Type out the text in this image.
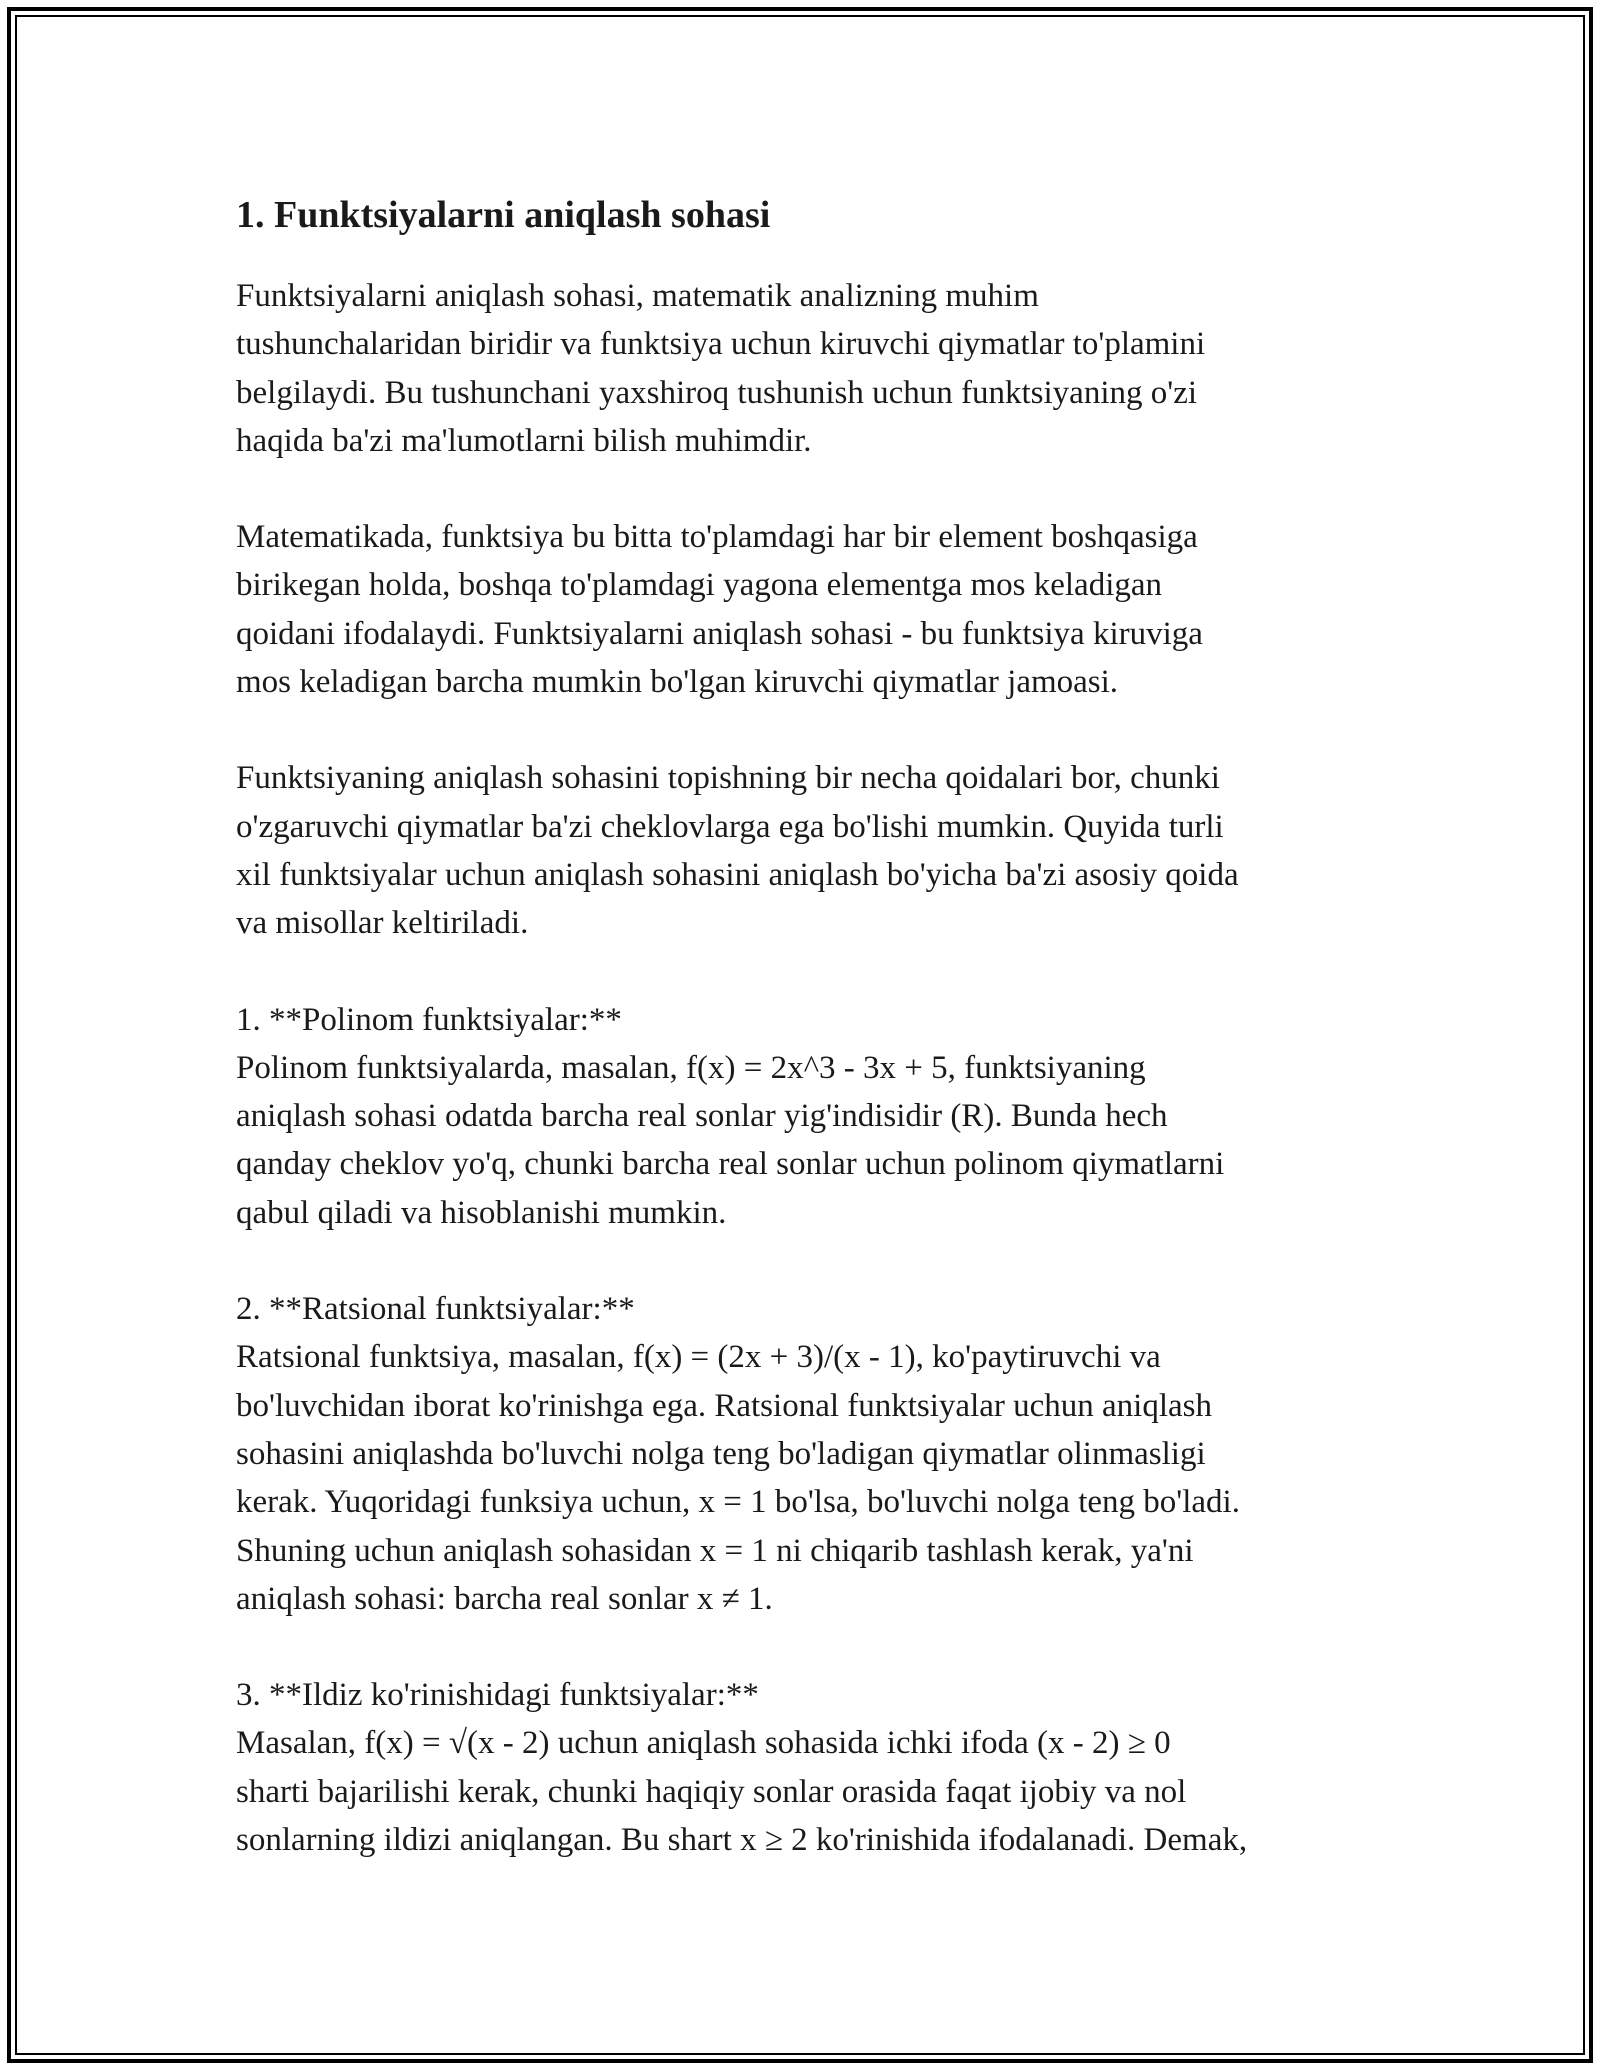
1. Funktsiyalarni aniqlash sohasi

Funktsiyalarni aniqlash sohasi, matematik analizning muhim
tushunchalaridan biridir va funktsiya uchun kiruvchi qiymatlar to'plamini
belgilaydi. Bu tushunchani yaxshiroq tushunish uchun funktsiyaning o'zi
haqida ba'zi ma'lumotlarni bilish muhimdir.

Matematikada, funktsiya bu bitta to'plamdagi har bir element boshqasiga
birikegan holda, boshqa to'plamdagi yagona elementga mos keladigan
qoidani ifodalaydi. Funktsiyalarni aniqlash sohasi - bu funktsiya kiruviga
mos keladigan barcha mumkin bo'lgan kiruvchi qiymatlar jamoasi.

Funktsiyaning aniqlash sohasini topishning bir necha qoidalari bor, chunki
o'zgaruvchi qiymatlar ba'zi cheklovlarga ega bo'lishi mumkin. Quyida turli
xil funktsiyalar uchun aniqlash sohasini aniqlash bo'yicha ba'zi asosiy qoida
va misollar keltiriladi.

1. **Polinom funktsiyalar:**
Polinom funktsiyalarda, masalan, f(x) = 2x^3 - 3x + 5, funktsiyaning
aniqlash sohasi odatda barcha real sonlar yig'indisidir (R). Bunda hech
qanday cheklov yo'q, chunki barcha real sonlar uchun polinom qiymatlarni
qabul qiladi va hisoblanishi mumkin.

2. **Ratsional funktsiyalar:**
Ratsional funktsiya, masalan, f(x) = (2x + 3)/(x - 1), ko'paytiruvchi va
bo'luvchidan iborat ko'rinishga ega. Ratsional funktsiyalar uchun aniqlash
sohasini aniqlashda bo'luvchi nolga teng bo'ladigan qiymatlar olinmasligi
kerak. Yuqoridagi funksiya uchun, x = 1 bo'lsa, bo'luvchi nolga teng bo'ladi.
Shuning uchun aniqlash sohasidan x = 1 ni chiqarib tashlash kerak, ya'ni
aniqlash sohasi: barcha real sonlar x ≠ 1.

3. **Ildiz ko'rinishidagi funktsiyalar:**
Masalan, f(x) = √(x - 2) uchun aniqlash sohasida ichki ifoda (x - 2) ≥ 0
sharti bajarilishi kerak, chunki haqiqiy sonlar orasida faqat ijobiy va nol
sonlarning ildizi aniqlangan. Bu shart x ≥ 2 ko'rinishida ifodalanadi. Demak,
